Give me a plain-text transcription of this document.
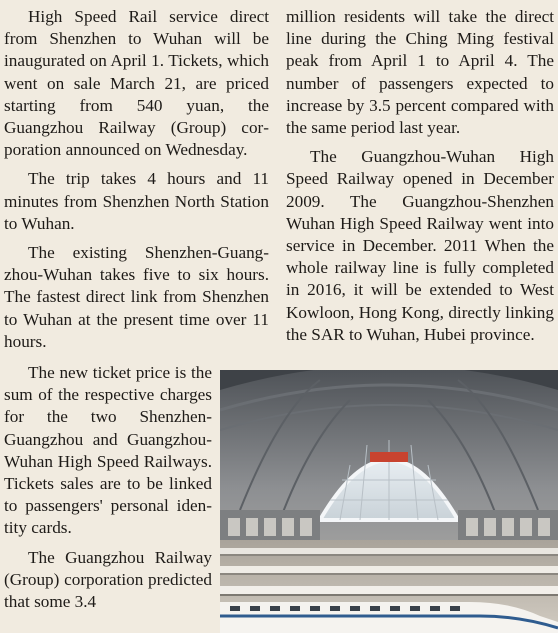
High Speed Rail service direct from Shenzhen to Wuhan will be inaugurated on April 1. Tickets, which went on sale March 21, are priced starting from 540 yuan, the Guangzhou Railway (Group) corporation announced on Wednesday.

The trip takes 4 hours and 11 minutes from Shenzhen North Station to Wuhan.

The existing Shenzhen-Guangzhou-Wuhan takes five to six hours. The fastest direct link from Shenzhen to Wuhan at the present time over 11 hours.

The new ticket price is the sum of the respective charges for the two Shenzhen-Guangzhou and Guangzhou-Wuhan High Speed Railways. Tickets sales are to be linked to passengers' personal identity cards.

The Guangzhou Railway (Group) corporation predicted that some 3.4

million residents will take the direct line during the Ching Ming festival peak from April 1 to April 4. The number of passengers expected to increase by 3.5 percent compared with the same period last year.

The Guangzhou-Wuhan High Speed Railway opened in December 2009. The Guangzhou-Shenzhen Wuhan High Speed Railway went into service in December. 2011 When the whole railway line is fully completed in 2016, it will be extended to West Kowloon, Hong Kong, directly linking the SAR to Wuhan, Hubei province.
